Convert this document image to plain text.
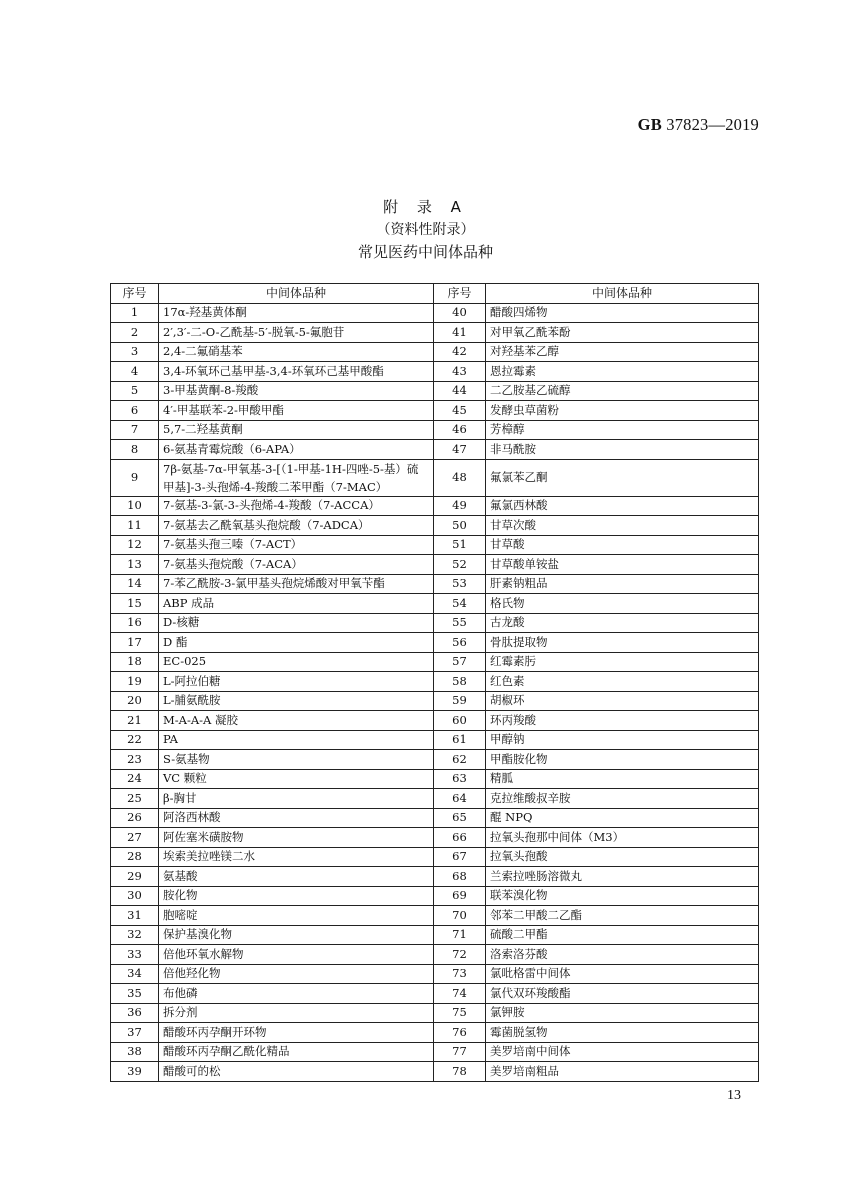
GB 37823—2019
附 录 A
（资料性附录）
常见医药中间体品种
序号	中间体品种	序号	中间体品种
1	17α-羟基黄体酮	40	醋酸四烯物
2	2′,3′-二-O-乙酰基-5′-脱氧-5-氟胞苷	41	对甲氧乙酰苯酚
3	2,4-二氟硝基苯	42	对羟基苯乙醇
4	3,4-环氧环己基甲基-3,4-环氧环己基甲酸酯	43	恩拉霉素
5	3-甲基黄酮-8-羧酸	44	二乙胺基乙硫醇
6	4′-甲基联苯-2-甲酸甲酯	45	发酵虫草菌粉
7	5,7-二羟基黄酮	46	芳樟醇
8	6-氨基青霉烷酸（6-APA）	47	非马酰胺
9	7β-氨基-7α-甲氧基-3-[（1-甲基-1H-四唑-5-基）硫甲基]-3-头孢烯-4-羧酸二苯甲酯（7-MAC）	48	氟氯苯乙酮
10	7-氨基-3-氯-3-头孢烯-4-羧酸（7-ACCA）	49	氟氯西林酸
11	7-氨基去乙酰氧基头孢烷酸（7-ADCA）	50	甘草次酸
12	7-氨基头孢三嗪（7-ACT）	51	甘草酸
13	7-氨基头孢烷酸（7-ACA）	52	甘草酸单铵盐
14	7-苯乙酰胺-3-氯甲基头孢烷烯酸对甲氧苄酯	53	肝素钠粗品
15	ABP 成品	54	格氏物
16	D-核糖	55	古龙酸
17	D 酯	56	骨肽提取物
18	EC-025	57	红霉素肟
19	L-阿拉伯糖	58	红色素
20	L-脯氨酰胺	59	胡椒环
21	M-A-A-A 凝胶	60	环丙羧酸
22	PA	61	甲醇钠
23	S-氨基物	62	甲酯胺化物
24	VC 颗粒	63	精胍
25	β-胸甘	64	克拉维酸叔辛胺
26	阿洛西林酸	65	醌 NPQ
27	阿佐塞米磺胺物	66	拉氧头孢那中间体（M3）
28	埃索美拉唑镁二水	67	拉氧头孢酸
29	氨基酸	68	兰索拉唑肠溶微丸
30	胺化物	69	联苯溴化物
31	胞嘧啶	70	邻苯二甲酸二乙酯
32	保护基溴化物	71	硫酸二甲酯
33	倍他环氧水解物	72	洛索洛芬酸
34	倍他羟化物	73	氯吡格雷中间体
35	布他磷	74	氯代双环羧酸酯
36	拆分剂	75	氯钾胺
37	醋酸环丙孕酮开环物	76	霉菌脱氢物
38	醋酸环丙孕酮乙酰化精品	77	美罗培南中间体
39	醋酸可的松	78	美罗培南粗品
13
